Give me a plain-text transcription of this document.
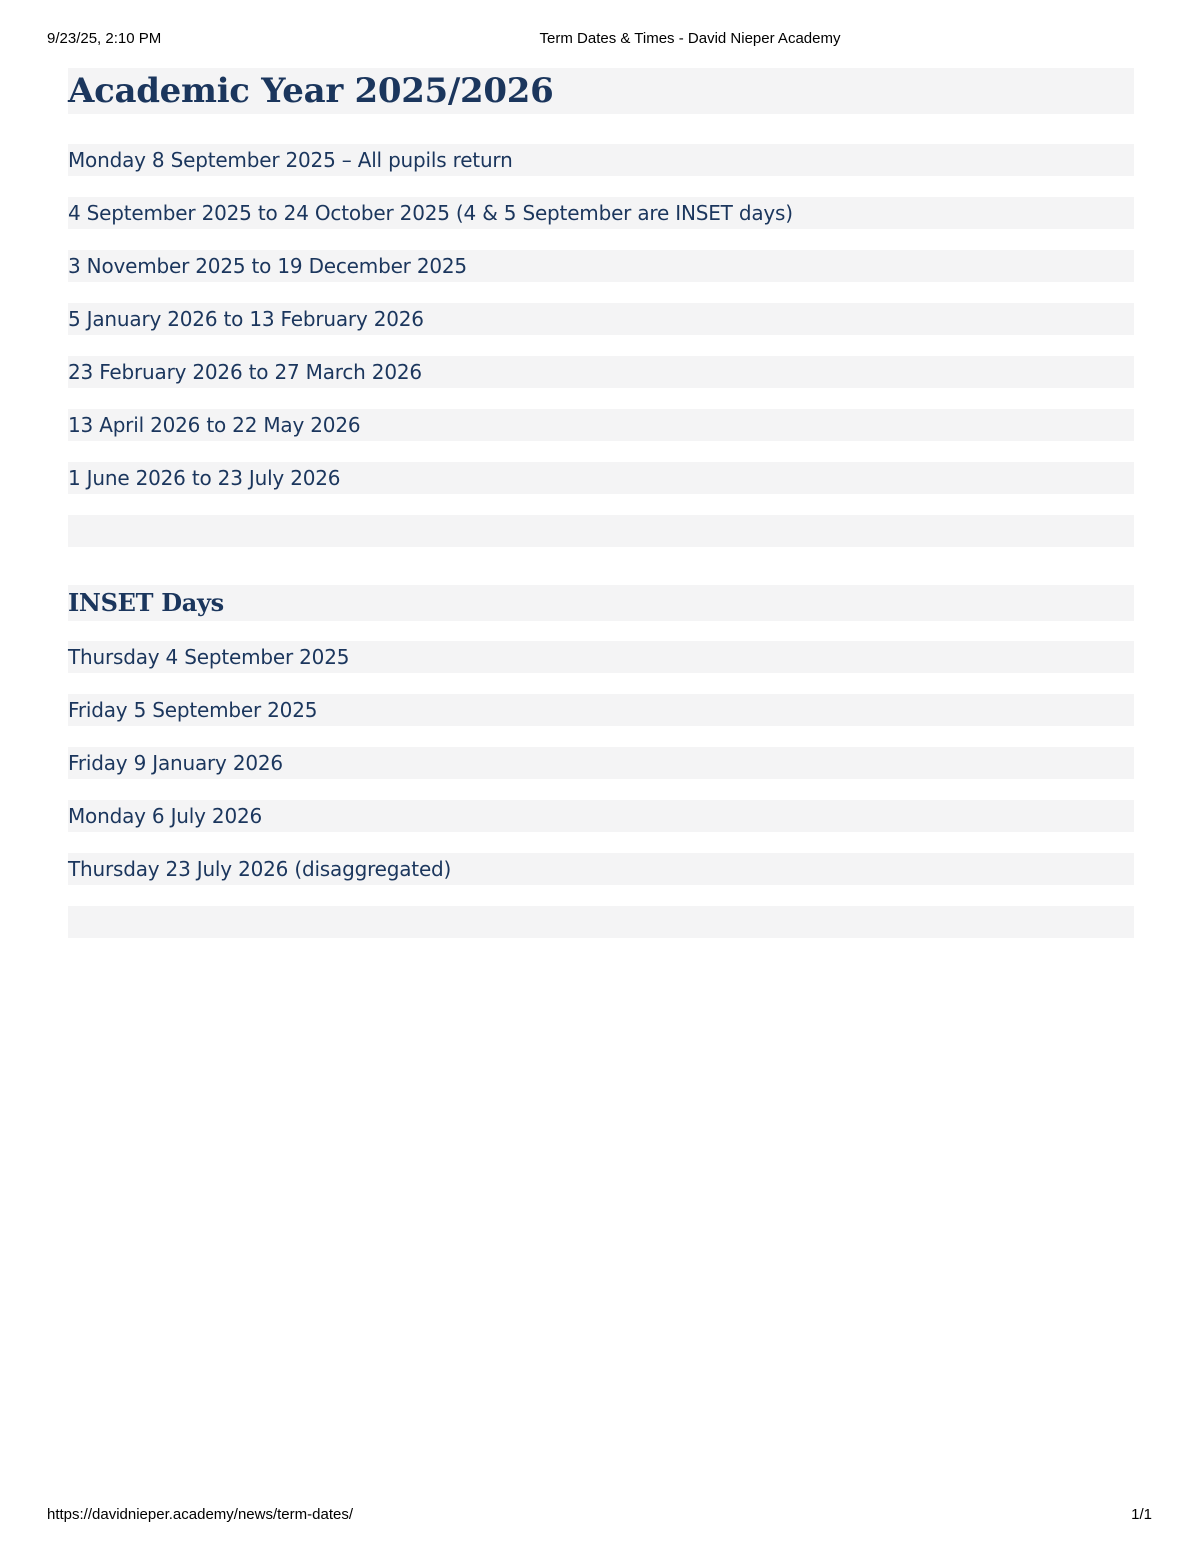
9/23/25, 2:10 PM	Term Dates & Times - David Nieper Academy
Academic Year 2025/2026

Monday 8 September 2025 – All pupils return

4 September 2025 to 24 October 2025 (4 & 5 September are INSET days)

3 November 2025 to 19 December 2025

5 January 2026 to 13 February 2026

23 February 2026 to 27 March 2026

13 April 2026 to 22 May 2026

1 June 2026 to 23 July 2026

INSET Days

Thursday 4 September 2025

Friday 5 September 2025

Friday 9 January 2026

Monday 6 July 2026

Thursday 23 July 2026 (disaggregated)

https://davidnieper.academy/news/term-dates/	1/1
